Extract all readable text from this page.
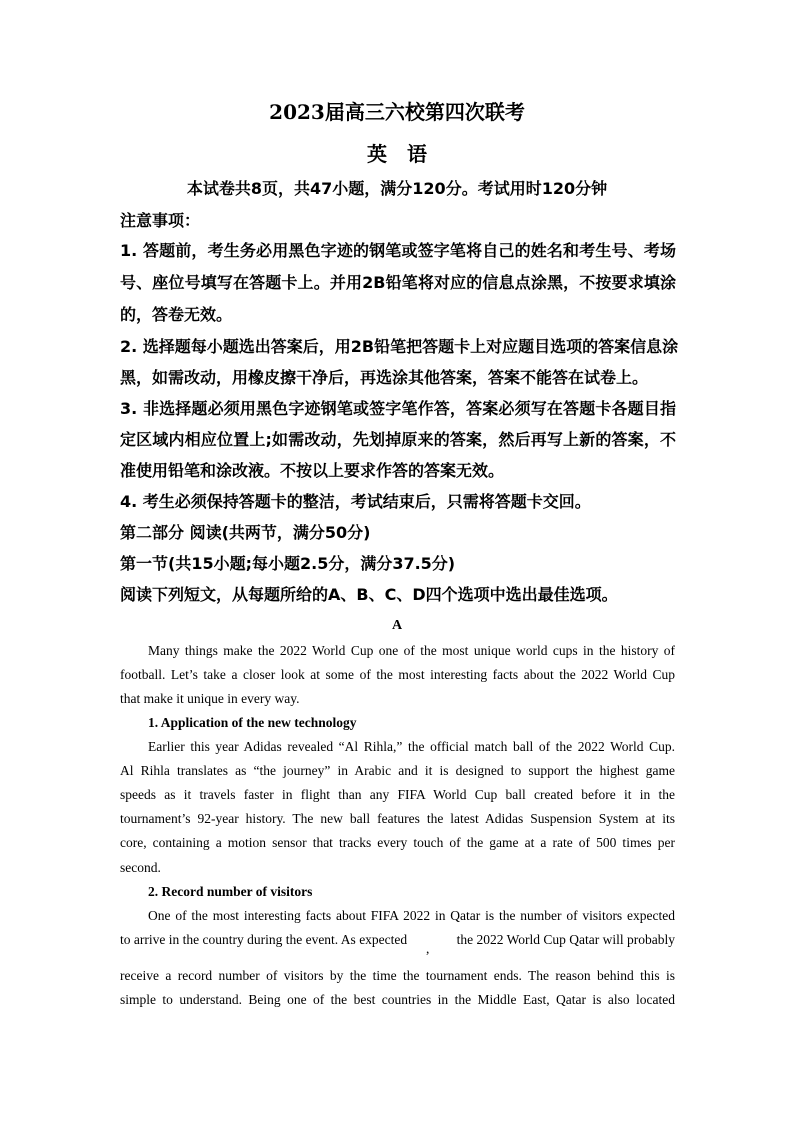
2023届高三六校第四次联考
英　语
本试卷共8页，共47小题，满分120分。考试用时120分钟
注意事项：
1. 答题前，考生务必用黑色字迹的钢笔或签字笔将自己的姓名和考生号、考场
号、座位号填写在答题卡上。并用2B铅笔将对应的信息点涂黑，不按要求填涂
的，答卷无效。
2. 选择题每小题选出答案后，用2B铅笔把答题卡上对应题目选项的答案信息涂
黑，如需改动，用橡皮擦干净后，再选涂其他答案，答案不能答在试卷上。
3. 非选择题必须用黑色字迹钢笔或签字笔作答，答案必须写在答题卡各题目指
定区域内相应位置上;如需改动，先划掉原来的答案，然后再写上新的答案，不
准使用铅笔和涂改液。不按以上要求作答的答案无效。
4. 考生必须保持答题卡的整洁，考试结束后，只需将答题卡交回。
第二部分 阅读(共两节，满分50分)
第一节(共15小题;每小题2.5分，满分37.5分)
阅读下列短文，从每题所给的A、B、C、D四个选项中选出最佳选项。
A
Many things make the 2022 World Cup one of the most unique world cups in the history of
football. Let’s take a closer look at some of the most interesting facts about the 2022 World Cup
that make it unique in every way.
1. Application of the new technology
Earlier this year Adidas revealed “Al Rihla,” the official match ball of the 2022 World Cup.
Al Rihla translates as “the journey” in Arabic and it is designed to support the highest game
speeds as it travels faster in flight than any FIFA World Cup ball created before it in the
tournament’s 92-year history. The new ball features the latest Adidas Suspension System at its
core, containing a motion sensor that tracks every touch of the game at a rate of 500 times per
second.
2. Record number of visitors
One of the most interesting facts about FIFA 2022 in Qatar is the number of visitors expected
to arrive in the country during the event. As expected
,
the 2022 World Cup Qatar will probably
receive a record number of visitors by the time the tournament ends. The reason behind this is
simple to understand. Being one of the best countries in the Middle East, Qatar is also located
